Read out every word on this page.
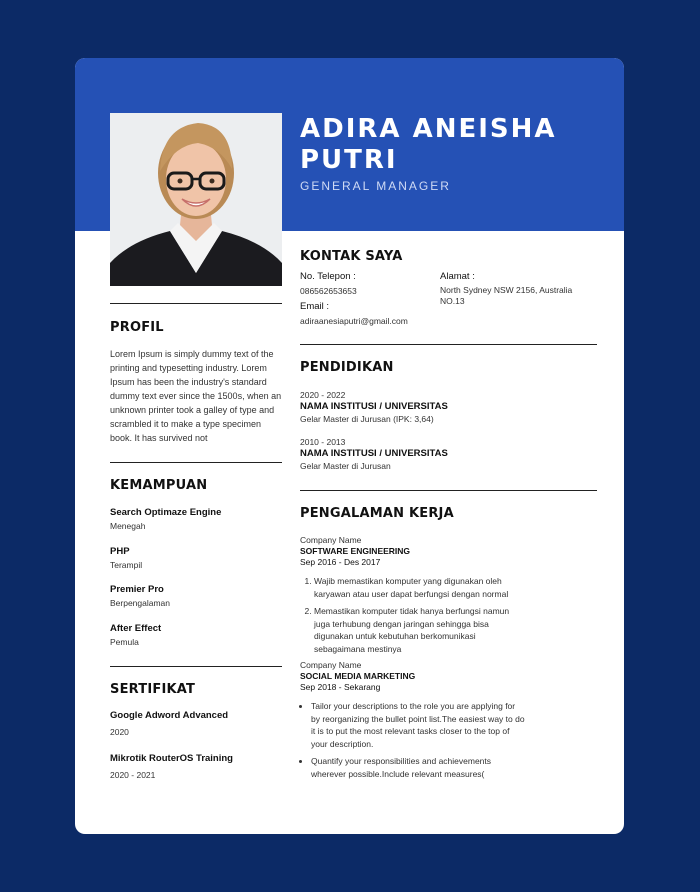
ADIRA ANEISHA
PUTRI
GENERAL MANAGER
PROFIL
Lorem Ipsum is simply dummy text of the printing and typesetting industry. Lorem Ipsum has been the industry's standard dummy text ever since the 1500s, when an unknown printer took a galley of type and scrambled it to make a type specimen book. It has survived not
KEMAMPUAN
Search Optimaze Engine
Menegah
PHP
Terampil
Premier Pro
Berpengalaman
After Effect
Pemula
SERTIFIKAT
Google Adword Advanced
2020
Mikrotik RouterOS Training
2020 - 2021
KONTAK SAYA
No. Telepon :
086562653653
Email :
adiraanesiaputri@gmail.com
Alamat :
North Sydney NSW 2156, Australia NO.13
PENDIDIKAN
2020 - 2022
NAMA INSTITUSI / UNIVERSITAS
Gelar Master di Jurusan (IPK: 3,64)
2010 - 2013
NAMA INSTITUSI / UNIVERSITAS
Gelar Master di Jurusan
PENGALAMAN KERJA
Company Name
SOFTWARE ENGINEERING
Sep 2016 - Des 2017
1. Wajib memastikan komputer yang digunakan oleh karyawan atau user dapat berfungsi dengan normal
2. Memastikan komputer tidak hanya berfungsi namun juga terhubung dengan jaringan sehingga bisa digunakan untuk kebutuhan berkomunikasi sebagaimana mestinya
Company Name
SOCIAL MEDIA MARKETING
Sep 2018 - Sekarang
• Tailor your descriptions to the role you are applying for by reorganizing the bullet point list.The easiest way to do it is to put the most relevant tasks closer to the top of your description.
• Quantify your responsibilities and achievements wherever possible.Include relevant measures(
